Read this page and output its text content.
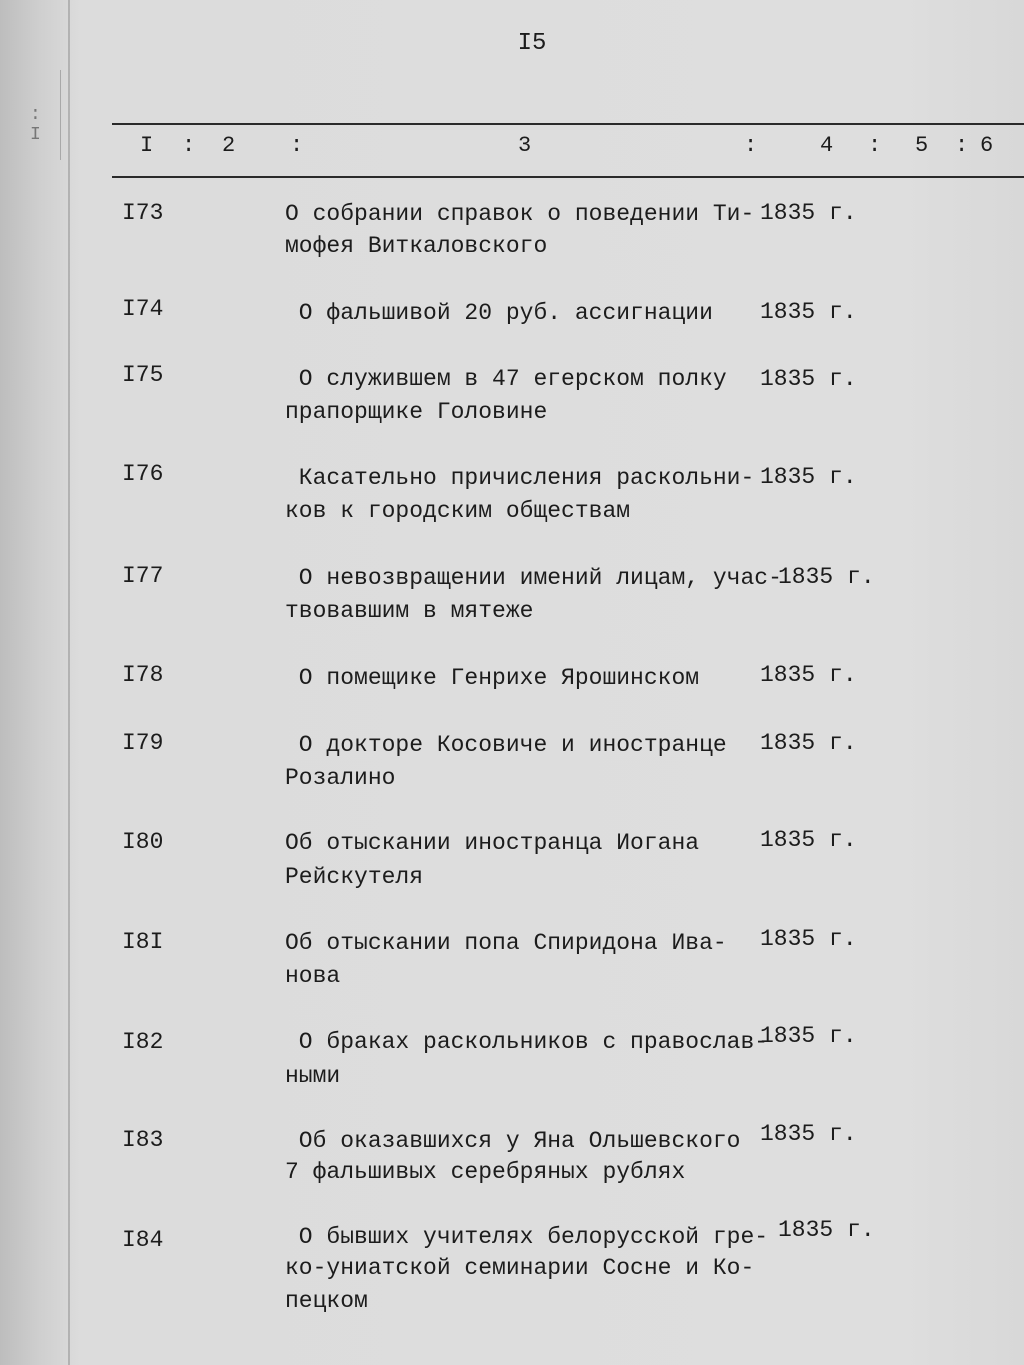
: I
I5
I : 2 :	3	:	4 : 5 : 6
I73	О собрании справок о поведении Ти-
мофея Виткаловского
1835 г.
I74	О фальшивой 20 руб. ассигнации 1835 г.
I75	О служившем в 47 егерском полку
прапорщике Головине
1835 г.
I76	Касательно причисления раскольни-
ков к городским обществам
1835 г.
I77	О невозвращении имений лицам, учас-
твовавшим в мятеже
1835 г.
I78	О помещике Генрихе Ярошинском	1835 г.
I79	О докторе Косовиче и иностранце
Розалино
1835 г.
I80	Об отыскании иностранца Иогана
Рейскутеля
1835 г.
I8I	Об отыскании попа Спиридона Ива-
нова
1835 г.
I82	О браках раскольников с православ-
ными
1835 г.
I83	Об оказавшихся у Яна Ольшевского
7 фальшивых серебряных рублях
1835 г.
I84	О бывших учителях белорусской гре-
ко-униатской семинарии Сосне и Ко-
пецком
1835 г.
